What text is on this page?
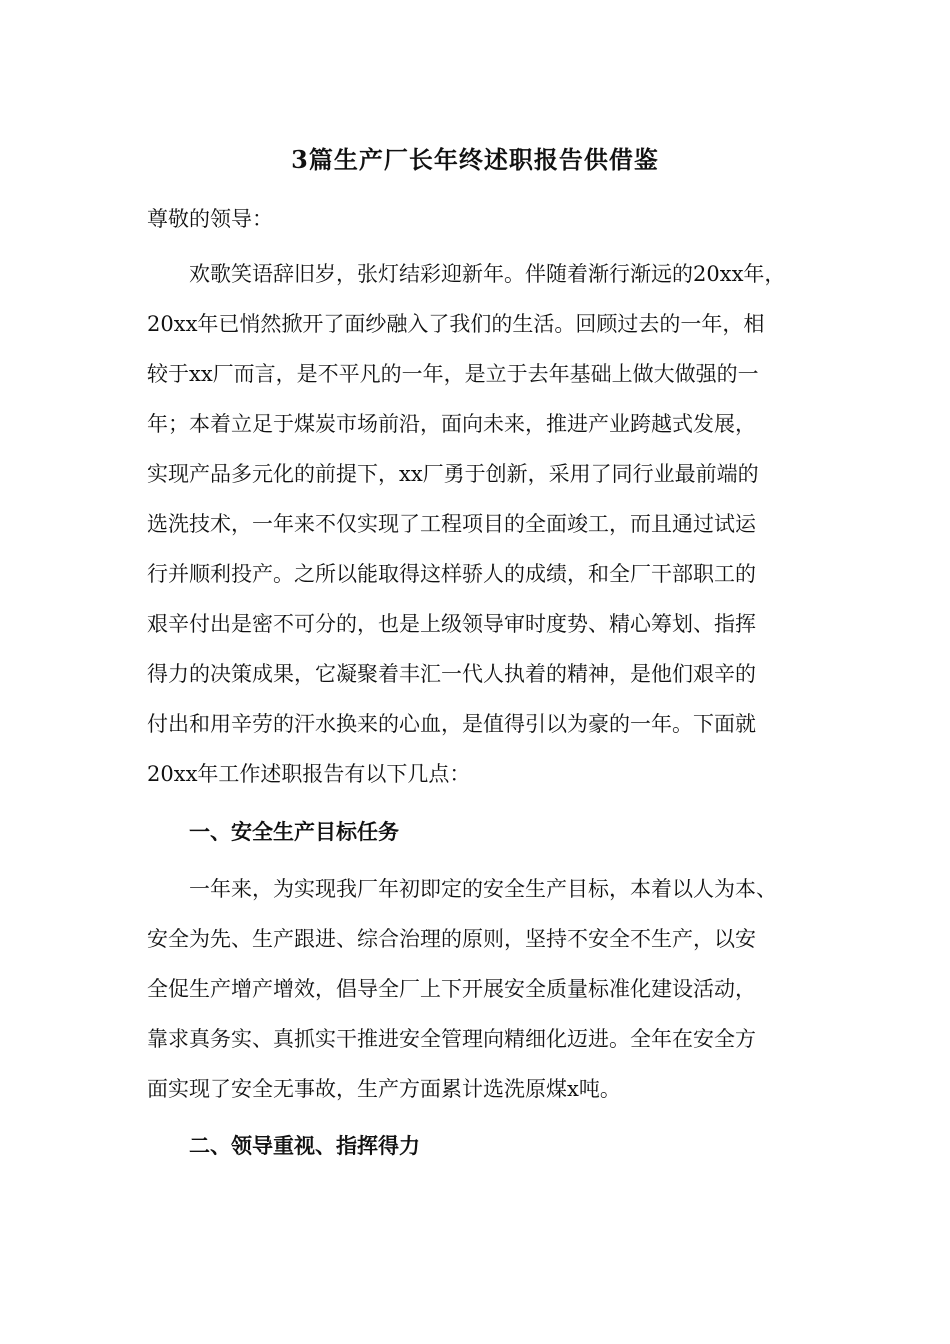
3篇生产厂长年终述职报告供借鉴
尊敬的领导：
欢歌笑语辞旧岁，张灯结彩迎新年。伴随着渐行渐远的20xx年，
20xx年已悄然掀开了面纱融入了我们的生活。回顾过去的一年，相
较于xx厂而言，是不平凡的一年，是立于去年基础上做大做强的一
年；本着立足于煤炭市场前沿，面向未来，推进产业跨越式发展，
实现产品多元化的前提下，xx厂勇于创新，采用了同行业最前端的
选洗技术，一年来不仅实现了工程项目的全面竣工，而且通过试运
行并顺利投产。之所以能取得这样骄人的成绩，和全厂干部职工的
艰辛付出是密不可分的，也是上级领导审时度势、精心筹划、指挥
得力的决策成果，它凝聚着丰汇一代人执着的精神，是他们艰辛的
付出和用辛劳的汗水换来的心血，是值得引以为豪的一年。下面就
20xx年工作述职报告有以下几点：
一、安全生产目标任务
一年来，为实现我厂年初即定的安全生产目标，本着以人为本、
安全为先、生产跟进、综合治理的原则，坚持不安全不生产，以安
全促生产增产增效，倡导全厂上下开展安全质量标准化建设活动，
靠求真务实、真抓实干推进安全管理向精细化迈进。全年在安全方
面实现了安全无事故，生产方面累计选洗原煤x吨。
二、领导重视、指挥得力
